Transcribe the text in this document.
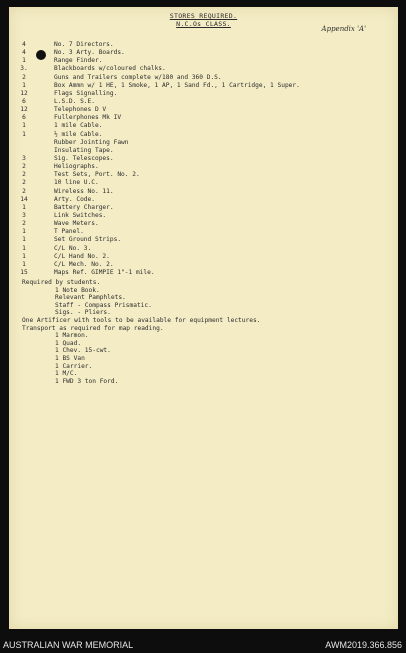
STORES REQUIRED.
N.C.Os CLASS.
Appendix 'A'
4	No. 7 Directors.
4	No. 3 Arty. Boards.
1	Range Finder.
3.	Blackboards w/coloured chalks.
2	Guns and Trailers complete w/180 and 360 D.S.
1	Box Ammn w/ 1 HE, 1 Smoke, 1 AP, 1 Sand Fd., 1 Cartridge, 1 Super.
12	Flags Signalling.
6	L.S.D. S.E.
12	Telephones D V
6	Fullerphones Mk IV
1	1 mile Cable.
1	½ mile Cable.
Rubber Jointing Fawn
Insulating Tape.
3	Sig. Telescopes.
2	Heliographs.
2	Test Sets, Port. No. 2.
2	10 line U.C.
2	Wireless No. 11.
14	Arty. Code.
1	Battery Charger.
3	Link Switches.
2	Wave Meters.
1	T Panel.
1	Set Ground Strips.
1	C/L No. 3.
1	C/L Hand No. 2.
1	C/L Mech. No. 2.
15	Maps Ref. GIMPIE 1"-1 mile.
Required by students.
1 Note Book.
Relevant Pamphlets.
Staff - Compass Prismatic.
Sigs. - Pliers.
One Artificer with tools to be available for equipment lectures.
Transport as required for map reading.
1 Marmon.
1 Quad.
1 Chev. 15-cwt.
1 BS Van
1 Carrier.
1 M/C.
1 FWD 3 ton Ford.
AUSTRALIAN WAR MEMORIAL	AWM2019.366.856
